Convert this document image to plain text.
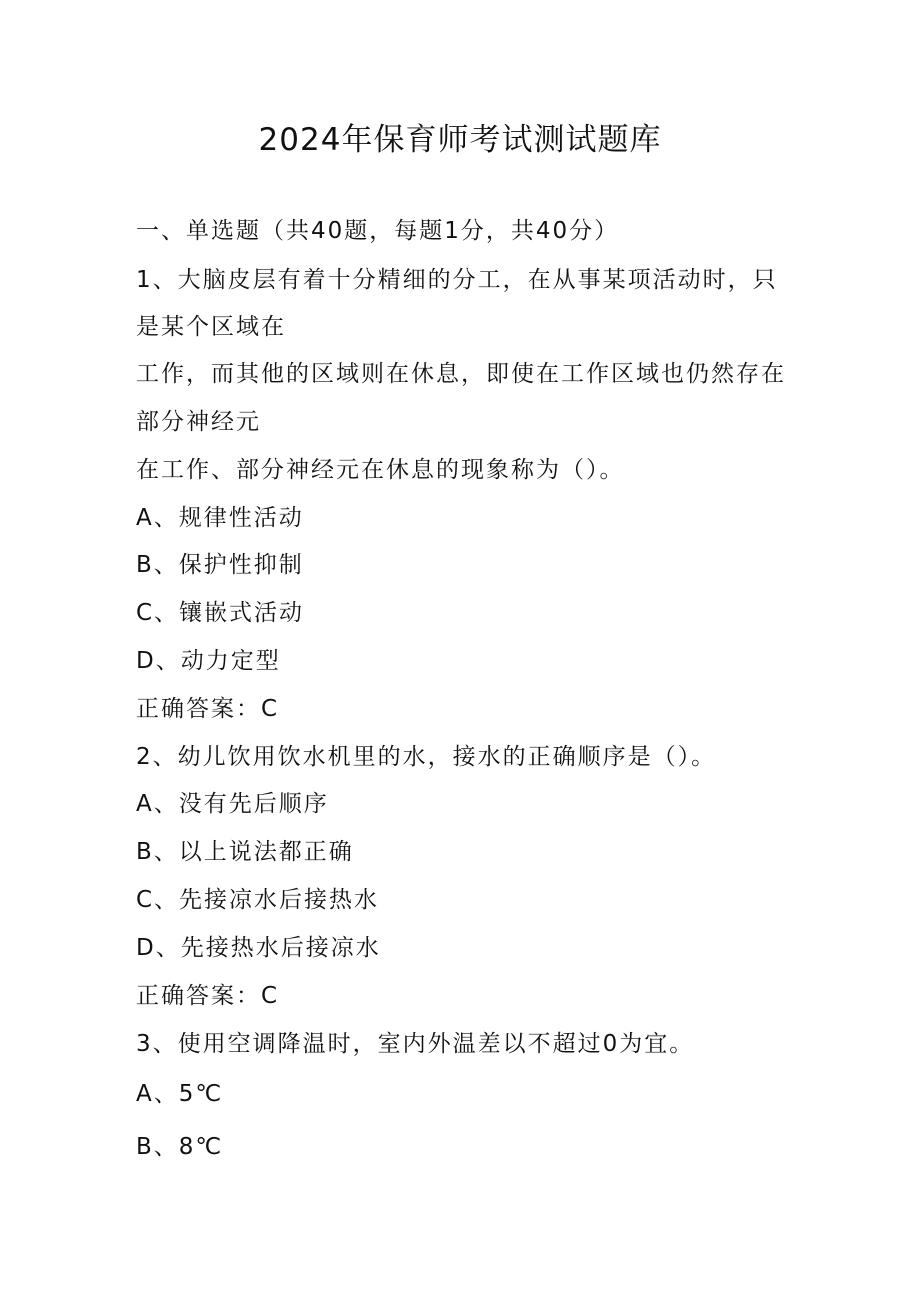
2024年保育师考试测试题库
一、单选题（共40题，每题1分，共40分）
1、大脑皮层有着十分精细的分工，在从事某项活动时，只
是某个区域在
工作，而其他的区域则在休息，即使在工作区域也仍然存在
部分神经元
在工作、部分神经元在休息的现象称为（）。
A、规律性活动
B、保护性抑制
C、镶嵌式活动
D、动力定型
正确答案：C
2、幼儿饮用饮水机里的水，接水的正确顺序是（）。
A、没有先后顺序
B、以上说法都正确
C、先接凉水后接热水
D、先接热水后接凉水
正确答案：C
3、使用空调降温时，室内外温差以不超过0为宜。
A、5℃
B、8℃
